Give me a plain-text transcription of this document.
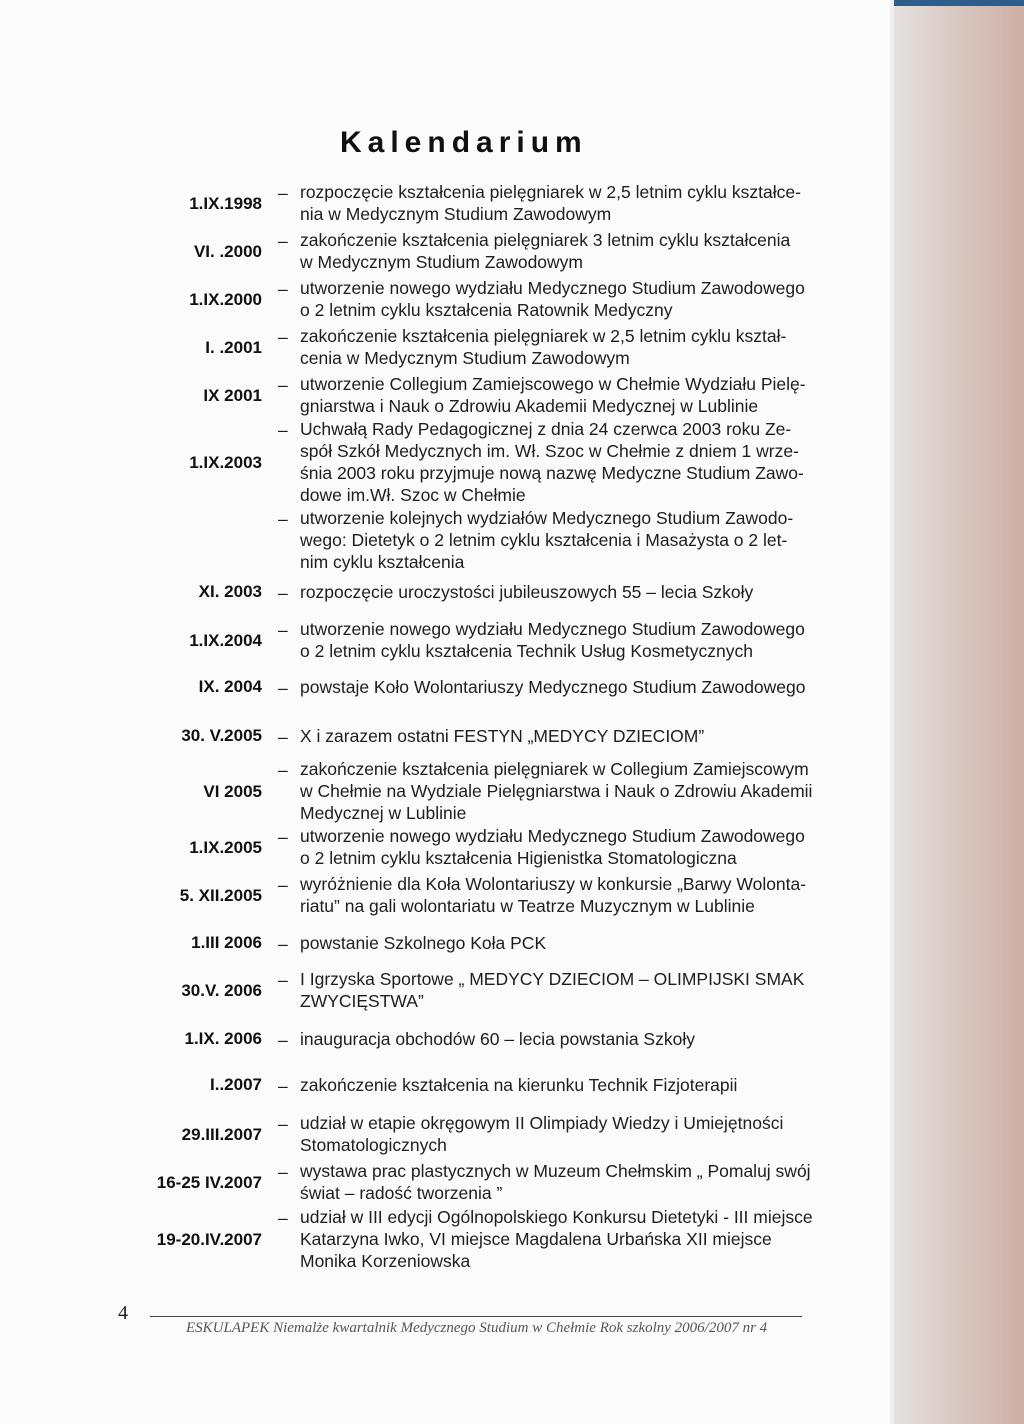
Kalendarium
1.IX.1998
– rozpoczęcie kształcenia pielęgniarek w 2,5 letnim cyklu kształce-
nia w Medycznym Studium Zawodowym
VI. .2000
– zakończenie kształcenia pielęgniarek 3 letnim cyklu kształcenia
w Medycznym Studium Zawodowym
1.IX.2000
– utworzenie nowego wydziału Medycznego Studium Zawodowego
o 2 letnim cyklu kształcenia Ratownik Medyczny
I. .2001
– zakończenie kształcenia pielęgniarek w 2,5 letnim cyklu kształ-
cenia w Medycznym Studium Zawodowym
IX 2001
– utworzenie Collegium Zamiejscowego w Chełmie Wydziału Pielę-
gniarstwa i Nauk o Zdrowiu Akademii Medycznej w Lublinie
1.IX.2003
– Uchwałą Rady Pedagogicznej z dnia 24 czerwca 2003 roku Ze-
spół Szkół Medycznych im. Wł. Szoc w Chełmie z dniem 1 wrze-
śnia 2003 roku przyjmuje nową nazwę Medyczne Studium Zawo-
dowe im.Wł. Szoc w Chełmie
– utworzenie kolejnych wydziałów Medycznego Studium Zawodo-
wego: Dietetyk o 2 letnim cyklu kształcenia i Masażysta o 2 let-
nim cyklu kształcenia
XI. 2003 – rozpoczęcie uroczystości jubileuszowych 55 – lecia Szkoły
1.IX.2004
– utworzenie nowego wydziału Medycznego Studium Zawodowego
o 2 letnim cyklu kształcenia Technik Usług Kosmetycznych
IX. 2004 – powstaje Koło Wolontariuszy Medycznego Studium Zawodowego
30. V.2005 – X i zarazem ostatni FESTYN „MEDYCY DZIECIOM”
VI 2005
– zakończenie kształcenia pielęgniarek w Collegium Zamiejscowym
w Chełmie na Wydziale Pielęgniarstwa i Nauk o Zdrowiu Akademii
Medycznej w Lublinie
1.IX.2005
– utworzenie nowego wydziału Medycznego Studium Zawodowego
o 2 letnim cyklu kształcenia Higienistka Stomatologiczna
5. XII.2005
– wyróżnienie dla Koła Wolontariuszy w konkursie „Barwy Wolonta-
riatu” na gali wolontariatu w Teatrze Muzycznym w Lublinie
1.III 2006 – powstanie Szkolnego Koła PCK
30.V. 2006
– I Igrzyska Sportowe „ MEDYCY DZIECIOM – OLIMPIJSKI SMAK
ZWYCIĘSTWA”
1.IX. 2006 – inauguracja obchodów 60 – lecia powstania Szkoły
I..2007 – zakończenie kształcenia na kierunku Technik Fizjoterapii
29.III.2007
– udział w etapie okręgowym II Olimpiady Wiedzy i Umiejętności
Stomatologicznych
16-25 IV.2007
– wystawa prac plastycznych w Muzeum Chełmskim „ Pomaluj swój
świat – radość tworzenia ”
19-20.IV.2007
– udział w III edycji Ogólnopolskiego Konkursu Dietetyki - III miejsce
Katarzyna Iwko, VI miejsce Magdalena Urbańska XII miejsce
Monika Korzeniowska
4
ESKULAPEK Niemalże kwartalnik Medycznego Studium w Chełmie Rok szkolny 2006/2007 nr 4
